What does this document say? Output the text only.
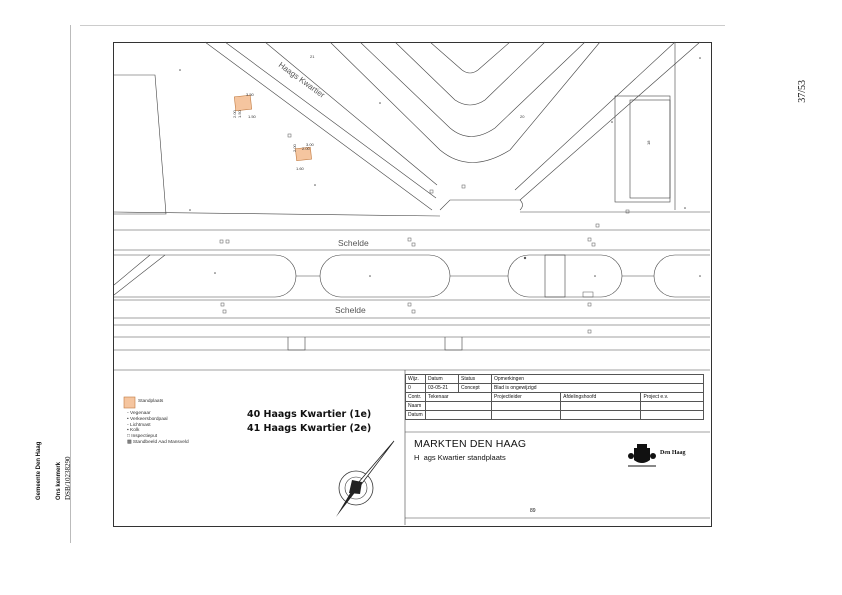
37/53
Gemeente Den Haag Ons kenmerk DSB/10238290
3.50
2.00 1.50 1.50
3.00
2.00 2.00
1.60
21
20
18
Haags Kwartier
Schelde
Schelde
Standplaats
◦ Vegenaar
• Verkeersbordpaal
◦ Lichtmast
▪ Kolk
□ Inspectieput
▩ Standbeeld Aad Mansveld
40 Haags Kwartier (1e)
41 Haags Kwartier (2e)
Wijz.	Datum	Status	Opmerkingen		
0	03-05-21	Concept	Blad is ongewijzigd		
Contr.	Tekenaar		Projectleider	Afdelingshoofd	Project e.v.
Naam					
Datum					
MARKTEN DEN HAAG
H  ags Kwartier standplaats	Den Haag
89
